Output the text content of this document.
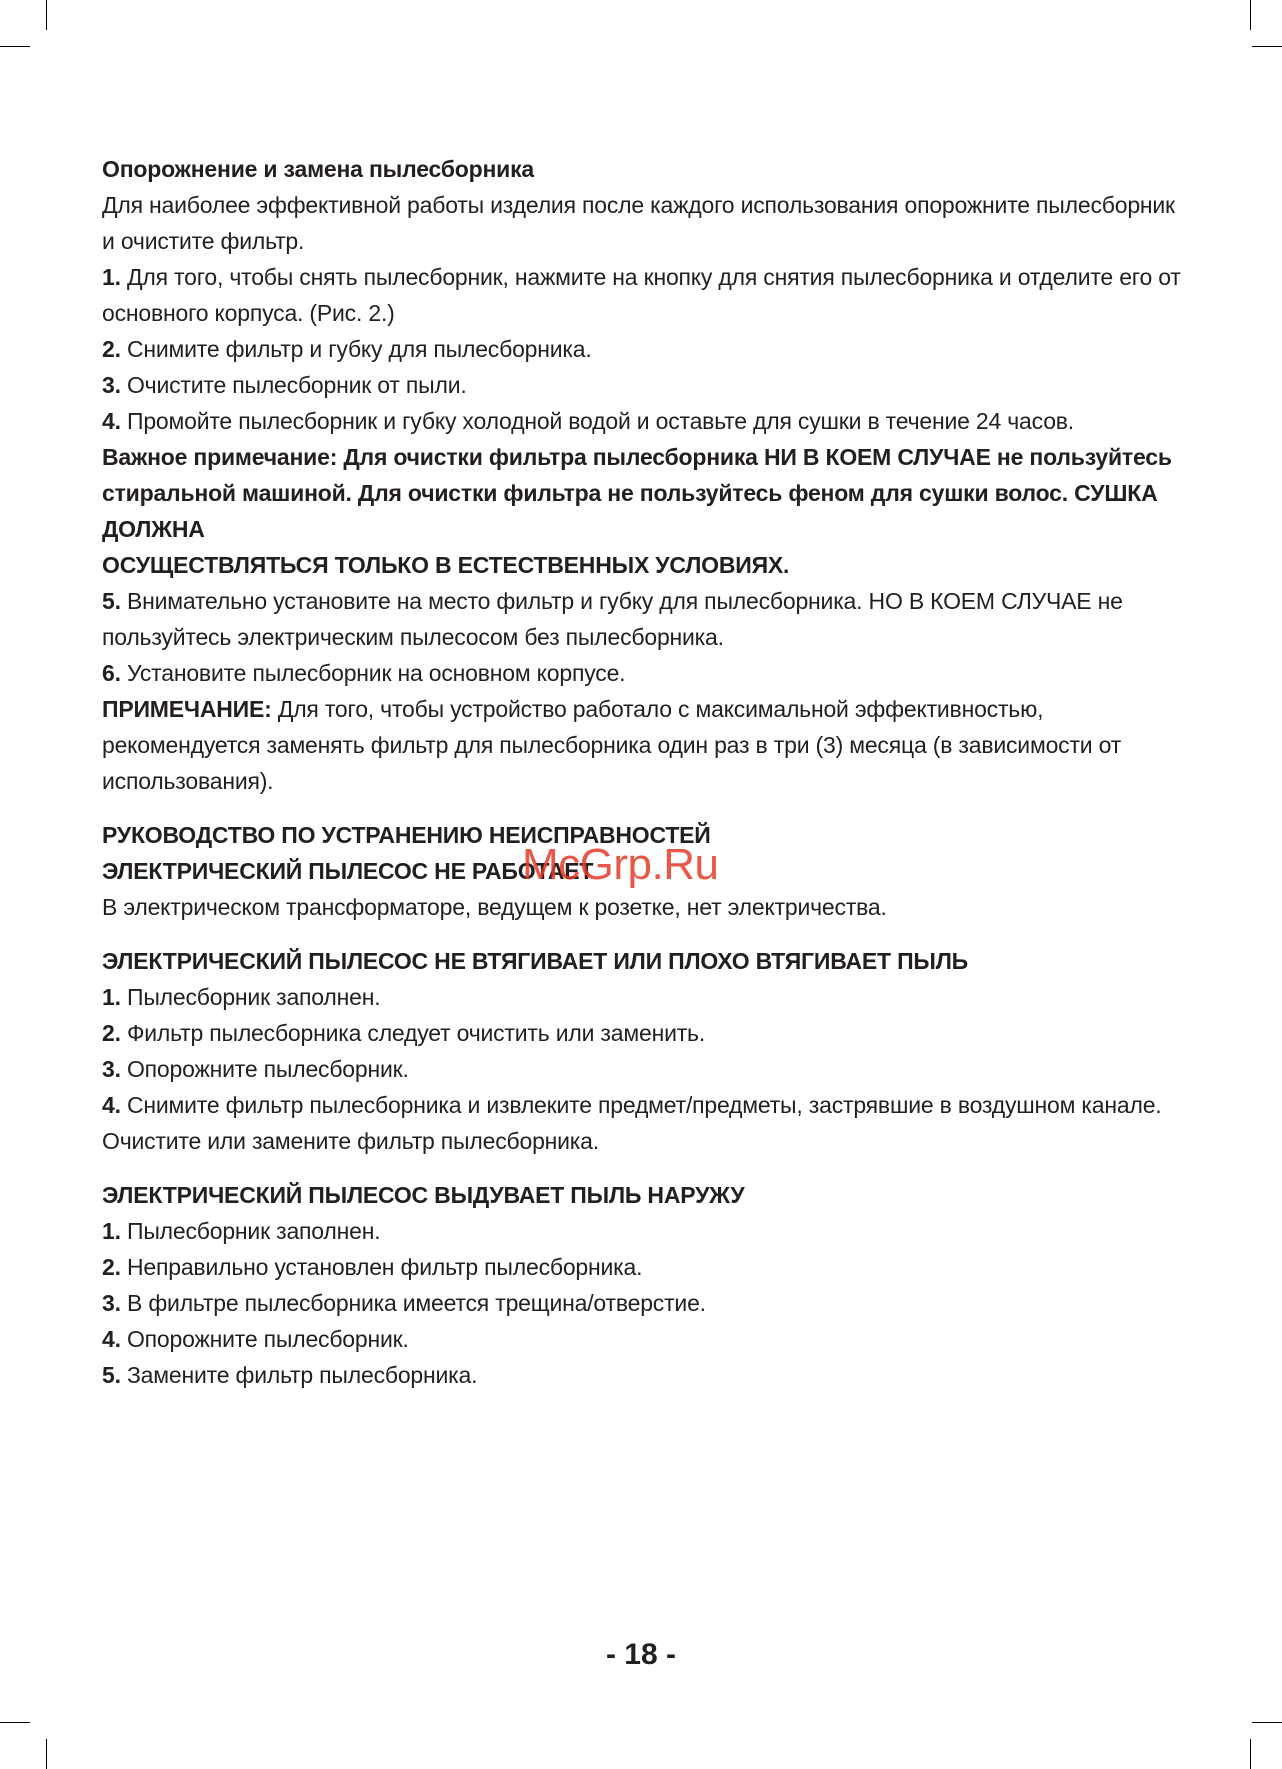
Опорожнение и замена пылесборника

Для наиболее эффективной работы изделия после каждого использования опорожните пылесборник и очистите фильтр.

1. Для того, чтобы снять пылесборник, нажмите на кнопку для снятия пылесборника и отделите его от основного корпуса. (Рис. 2.)

2. Снимите фильтр и губку для пылесборника.

3. Очистите пылесборник от пыли.

4. Промойте пылесборник и губку холодной водой и оставьте для сушки в течение 24 часов.

Важное примечание: Для очистки фильтра пылесборника НИ В КОЕМ СЛУЧАЕ не пользуйтесь стиральной машиной. Для очистки фильтра не пользуйтесь феном для сушки волос. СУШКА ДОЛЖНА

ОСУЩЕСТВЛЯТЬСЯ ТОЛЬКО В ЕСТЕСТВЕННЫХ УСЛОВИЯХ.

5. Внимательно установите на место фильтр и губку для пылесборника. НО В КОЕМ СЛУЧАЕ не пользуйтесь электрическим пылесосом без пылесборника.

6. Установите пылесборник на основном корпусе.

ПРИМЕЧАНИЕ: Для того, чтобы устройство работало с максимальной эффективностью, рекомендуется заменять фильтр для пылесборника один раз в три (3) месяца (в зависимости от использования).

РУКОВОДСТВО ПО УСТРАНЕНИЮ НЕИСПРАВНОСТЕЙ

ЭЛЕКТРИЧЕСКИЙ ПЫЛЕСОС НЕ РАБОТАЕТ

В электрическом трансформаторе, ведущем к розетке, нет электричества.

ЭЛЕКТРИЧЕСКИЙ ПЫЛЕСОС НЕ ВТЯГИВАЕТ ИЛИ ПЛОХО ВТЯГИВАЕТ ПЫЛЬ

1. Пылесборник заполнен.

2. Фильтр пылесборника следует очистить или заменить.

3. Опорожните пылесборник.

4. Снимите фильтр пылесборника и извлеките предмет/предметы, застрявшие в воздушном канале. Очистите или замените фильтр пылесборника.

ЭЛЕКТРИЧЕСКИЙ ПЫЛЕСОС ВЫДУВАЕТ ПЫЛЬ НАРУЖУ

1. Пылесборник заполнен.

2. Неправильно установлен фильтр пылесборника.

3. В фильтре пылесборника имеется трещина/отверстие.

4. Опорожните пылесборник.

5. Замените фильтр пылесборника.

McGrp.Ru
- 18 -
